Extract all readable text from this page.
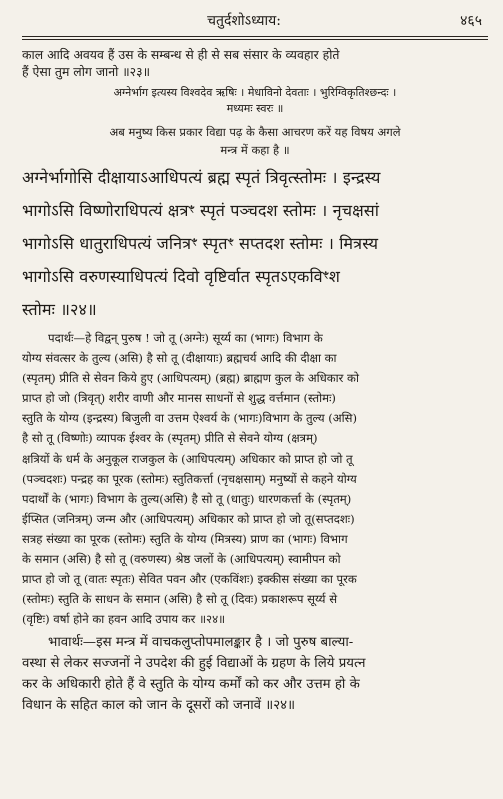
चतुर्दशोऽध्याय:	४६५
काल आदि अवयव हैं उस के सम्बन्ध से ही से सब संसार के व्यवहार होते
हैं ऐसा तुम लोग जानो ॥२३॥
अग्नेर्भाग इत्यस्य विश्वदेव ऋषिः । मेधाविनो देवताः । भुरिग्विकृतिश्छन्दः ।
मध्यमः स्वरः ॥
अब मनुष्य किस प्रकार विद्या पढ़ के कैसा आचरण करें यह विषय अगले
मन्त्र में कहा है ॥
अग्नेर्भागोसि दीक्षायाऽआधिपत्यं ब्रह्म स्पृतं त्रिवृत्स्तोमः । इन्द्रस्य
भागोऽसि विष्णोराधिपत्यं क्षत्रꣳ स्पृतं पञ्चदश स्तोमः । नृचक्षसां
भागोऽसि धातुराधिपत्यं जनित्रꣳ स्पृतꣳ सप्तदश स्तोमः । मित्रस्य
भागोऽसि वरुणस्याधिपत्यं दिवो वृष्टिर्वात स्पृतऽएकविꣳश
स्तोमः ॥२४॥
पदार्थः—हे विद्वन् पुरुष ! जो तू (अग्नेः) सूर्य्य का (भागः) विभाग के
योग्य संवत्सर के तुल्य (असि) है सो तू (दीक्षायाः) ब्रह्मचर्य आदि की दीक्षा का
(स्पृतम्) प्रीति से सेवन किये हुए (आधिपत्यम्) (ब्रह्म) ब्राह्मण कुल के अधिकार को
प्राप्त हो जो (त्रिवृत्) शरीर वाणी और मानस साधनों से शुद्ध वर्त्तमान (स्तोमः)
स्तुति के योग्य (इन्द्रस्य) बिजुली वा उत्तम ऐश्वर्य के (भागः)विभाग के तुल्य (असि)
है सो तू (विष्णोः) व्यापक ईश्वर के (स्पृतम्) प्रीति से सेवने योग्य (क्षत्रम्)
क्षत्रियों के धर्म के अनुकूल राजकुल के (आधिपत्यम्) अधिकार को प्राप्त हो जो तू
(पञ्चदशः) पन्द्रह का पूरक (स्तोमः) स्तुतिकर्त्ता (नृचक्षसाम्) मनुष्यों से कहने योग्य
पदार्थों के (भागः) विभाग के तुल्य(असि) है सो तू (धातुः) धारणकर्त्ता के (स्पृतम्)
ईप्सित (जनित्रम्) जन्म और (आधिपत्यम्) अधिकार को प्राप्त हो जो तू(सप्तदशः)
सत्रह संख्या का पूरक (स्तोमः) स्तुति के योग्य (मित्रस्य) प्राण का (भागः) विभाग
के समान (असि) है सो तू (वरुणस्य) श्रेष्ठ जलों के (आधिपत्यम्) स्वामीपन को
प्राप्त हो जो तू (वातः स्पृतः) सेवित पवन और (एकविंशः) इक्कीस संख्या का पूरक
(स्तोमः) स्तुति के साधन के समान (असि) है सो तू (दिवः) प्रकाशरूप सूर्य्य से
(वृष्टिः) वर्षा होने का हवन आदि उपाय कर ॥२४॥
भावार्थः—इस मन्त्र में वाचकलुप्तोपमालङ्कार है । जो पुरुष बाल्या-
वस्था से लेकर सज्जनों ने उपदेश की हुई विद्याओं के ग्रहण के लिये प्रयत्न
कर के अधिकारी होते हैं वे स्तुति के योग्य कर्मों को कर और उत्तम हो के
विधान के सहित काल को जान के दूसरों को जनावें ॥२४॥
